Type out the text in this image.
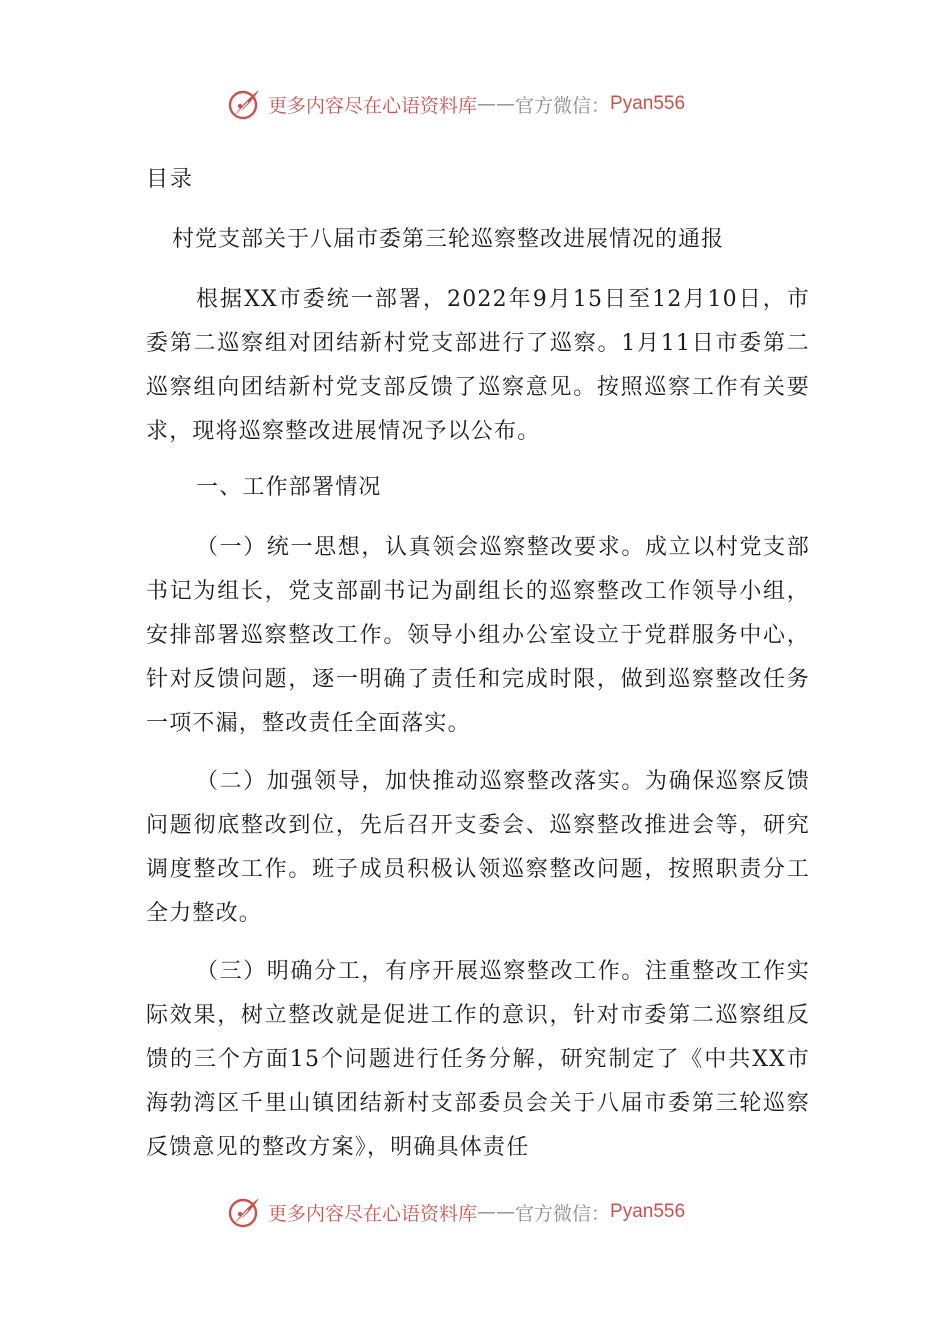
更多内容尽在心语资料库 —— 官方微信： Pyan556
目录
村党支部关于八届市委第三轮巡察整改进展情况的通报

根据XX市委统一部署，2022年9月15日至12月10日，市委第二巡察组对团结新村党支部进行了巡察。1月11日市委第二巡察组向团结新村党支部反馈了巡察意见。按照巡察工作有关要求，现将巡察整改进展情况予以公布。

一、工作部署情况

（一）统一思想，认真领会巡察整改要求。成立以村党支部书记为组长，党支部副书记为副组长的巡察整改工作领导小组，安排部署巡察整改工作。领导小组办公室设立于党群服务中心，针对反馈问题，逐一明确了责任和完成时限，做到巡察整改任务一项不漏，整改责任全面落实。

（二）加强领导，加快推动巡察整改落实。为确保巡察反馈问题彻底整改到位，先后召开支委会、巡察整改推进会等，研究调度整改工作。班子成员积极认领巡察整改问题，按照职责分工全力整改。

（三）明确分工，有序开展巡察整改工作。注重整改工作实际效果，树立整改就是促进工作的意识，针对市委第二巡察组反馈的三个方面15个问题进行任务分解，研究制定了《中共XX市海勃湾区千里山镇团结新村支部委员会关于八届市委第三轮巡察反馈意见的整改方案》，明确具体责任

更多内容尽在心语资料库 —— 官方微信： Pyan556
